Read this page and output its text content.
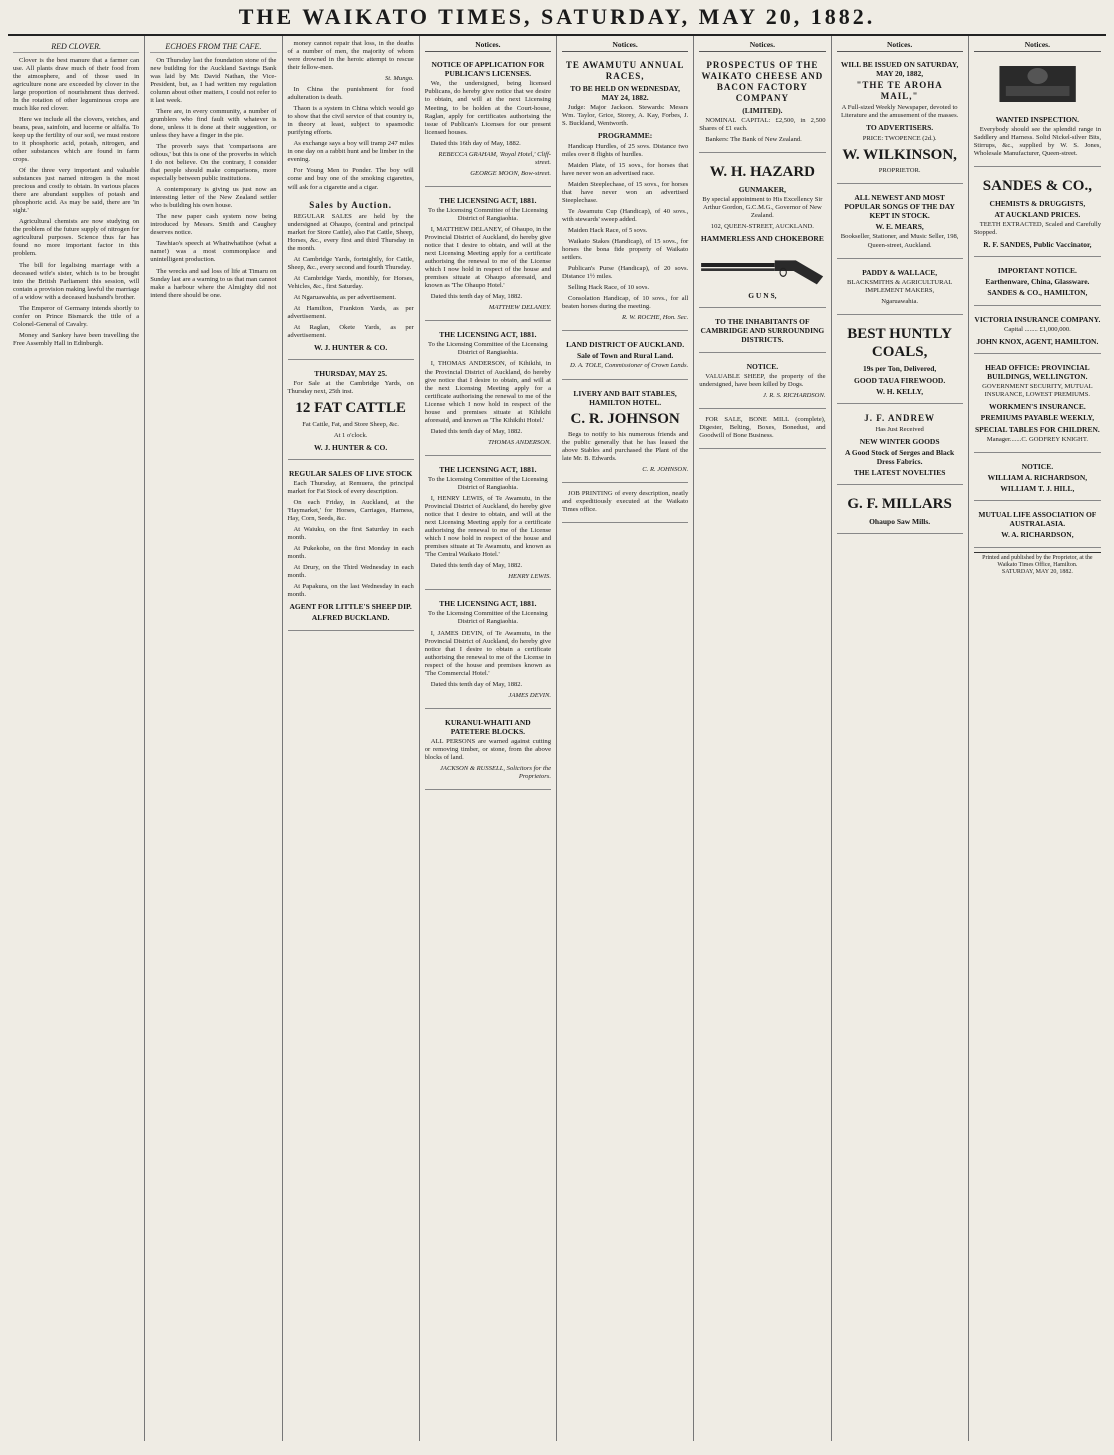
THE WAIKATO TIMES, SATURDAY, MAY 20, 1882.
RED CLOVER.

Clover is the best manure that a farmer can use. All plants draw much of their food from the atmosphere, and of those used in agriculture none are exceeded by clover in the large proportion of nourishment thus derived. In the rotation of other leguminous crops are much like red clover.

Here we include all the clovers, vetches, and beans, peas, sainfoin, and lucerne or alfalfa. To keep up the fertility of our soil, we must restore to it phosphoric acid, potash, nitrogen, and other substances which are found in farm crops.

Of the three very important and valuable substances just named nitrogen is the most precious and costly to obtain. In various places there are abundant supplies of potash and phosphoric acid. As may be said, there are 'in sight.'

Agricultural chemists are now studying on the problem of the future supply of nitrogen for agricultural purposes. Science thus far has found no more important factor in this problem.

The bill for legalising marriage with a deceased wife's sister, which is to be brought into the British Parliament this session, will contain a provision making lawful the marriage of a widow with a deceased husband's brother.

The Emperor of Germany intends shortly to confer on Prince Bismarck the title of a Colonel-General of Cavalry.

Money and Sankey have been travelling the Free Assembly Hall in Edinburgh.

ECHOES FROM THE CAFE.

On Thursday last the foundation stone of the new building for the Auckland Savings Bank was laid by Mr. David Nathan, the Vice-President, but, as I had written my regulation column about other matters, I could not refer to it last week.

There are, in every community, a number of grumblers who find fault with whatever is done, unless it is done at their suggestion, or unless they have a finger in the pie.

The proverb says that 'comparisons are odious,' but this is one of the proverbs in which I do not believe. On the contrary, I consider that people should make comparisons, more especially between public institutions.

A contemporary is giving us just now an interesting letter of the New Zealand settler who is building his own house.

The new paper cash system now being introduced by Messrs. Smith and Caughey deserves notice.

Tawhiao's speech at Whatiwhatihoe (what a name!) was a most commonplace and unintelligent production.

The wrecks and sad loss of life at Timaru on Sunday last are a warning to us that man cannot make a harbour where the Almighty did not intend there should be one.

money cannot repair that loss, in the deaths of a number of men, the majority of whom were drowned in the heroic attempt to rescue their fellow-men.

St. Mungo.

In China the punishment for food adulteration is death.

Thaon is a system in China which would go to show that the civil service of that country is, in theory at least, subject to spasmodic purifying efforts.

As exchange says a boy will tramp 247 miles in one day on a rabbit hunt and be limber in the evening.

For Young Men to Ponder. The boy will come and buy one of the smoking cigarettes, will ask for a cigarette and a cigar.

Sales by Auction.

REGULAR SALES are held by the undersigned at Ohaupo, (central and principal market for Store Cattle), also Fat Cattle, Sheep, Horses, &c., every first and third Thursday in the month.

At Cambridge Yards, fortnightly, for Cattle, Sheep, &c., every second and fourth Thursday.

At Cambridge Yards, monthly, for Horses, Vehicles, &c., first Saturday.

At Ngaruawahia, as per advertisement.

At Hamilton, Frankton Yards, as per advertisement.

At Raglan, Okete Yards, as per advertisement.

W. J. HUNTER & CO.
THURSDAY, MAY 25.

For Sale at the Cambridge Yards, on Thursday next, 25th inst.

12 FAT CATTLE

Fat Cattle, Fat, and Store Sheep, &c.

At 1 o'clock.

W. J. HUNTER & CO.
REGULAR SALES OF LIVE STOCK

Each Thursday, at Remuera, the principal market for Fat Stock of every description.

On each Friday, in Auckland, at the 'Haymarket,' for Horses, Carriages, Harness, Hay, Corn, Seeds, &c.

At Waiuku, on the first Saturday in each month.

At Pukekohe, on the first Monday in each month.

At Drury, on the Third Wednesday in each month.

At Papakura, on the last Wednesday in each month.

AGENT FOR LITTLE'S SHEEP DIP.
ALFRED BUCKLAND.
Notices.
NOTICE OF APPLICATION FOR PUBLICAN'S LICENSES.

We, the undersigned, being licensed Publicans, do hereby give notice that we desire to obtain, and will at the next Licensing Meeting, to be holden at the Court-house, Raglan, apply for certificates authorising the issue of Publican's Licenses for our present licensed houses.

Dated this 16th day of May, 1882.

REBECCA GRAHAM, 'Royal Hotel,' Cliff-street.

GEORGE MOON, Bow-street.

THE LICENSING ACT, 1881.

To the Licensing Committee of the Licensing District of Rangiaohia.

I, MATTHEW DELANEY, of Ohaupo, in the Provincial District of Auckland, do hereby give notice that I desire to obtain, and will at the next Licensing Meeting apply for a certificate authorising the renewal to me of the License which I now hold in respect of the house and premises situate at Ohaupo aforesaid, and known as 'The Ohaupo Hotel.'

Dated this tenth day of May, 1882.

MATTHEW DELANEY.

THE LICENSING ACT, 1881.

To the Licensing Committee of the Licensing District of Rangiaohia.

I, THOMAS ANDERSON, of Kihikihi, in the Provincial District of Auckland, do hereby give notice that I desire to obtain, and will at the next Licensing Meeting apply for a certificate authorising the renewal to me of the License which I now hold in respect of the house and premises situate at Kihikihi aforesaid, and known as 'The Kihikihi Hotel.'

Dated this tenth day of May, 1882.

THOMAS ANDERSON.

THE LICENSING ACT, 1881.

To the Licensing Committee of the Licensing District of Rangiaohia.

I, HENRY LEWIS, of Te Awamutu, in the Provincial District of Auckland, do hereby give notice that I desire to obtain, and will at the next Licensing Meeting apply for a certificate authorising the renewal to me of the License which I now hold in respect of the house and premises situate at Te Awamutu, and known as 'The Central Waikato Hotel.'

Dated this tenth day of May, 1882.

HENRY LEWIS.

THE LICENSING ACT, 1881.

To the Licensing Committee of the Licensing District of Rangiaohia.

I, JAMES DEVIN, of Te Awamutu, in the Provincial District of Auckland, do hereby give notice that I desire to obtain a certificate authorising the renewal to me of the License in respect of the house and premises known as 'The Commercial Hotel.'

Dated this tenth day of May, 1882.

JAMES DEVIN.

KURANUI-WHAITI AND PATETERE BLOCKS.

ALL PERSONS are warned against cutting or removing timber, or stone, from the above blocks of land.

JACKSON & RUSSELL, Solicitors for the Proprietors.

Notices.
TE AWAMUTU ANNUAL RACES,
TO BE HELD ON WEDNESDAY, MAY 24, 1882.

Judge: Major Jackson. Stewards: Messrs Wm. Taylor, Grice, Storey, A. Kay, Forbes, J. S. Buckland, Wentworth.

PROGRAMME:

Handicap Hurdles, of 25 sovs. Distance two miles over 8 flights of hurdles.

Maiden Plate, of 15 sovs., for horses that have never won an advertised race.

Maiden Steeplechase, of 15 sovs., for horses that have never won an advertised Steeplechase.

Te Awamutu Cup (Handicap), of 40 sovs., with stewards' sweep added.

Maiden Hack Race, of 5 sovs.

Waikato Stakes (Handicap), of 15 sovs., for horses the bona fide property of Waikato settlers.

Publican's Purse (Handicap), of 20 sovs. Distance 1½ miles.

Selling Hack Race, of 10 sovs.

Consolation Handicap, of 10 sovs., for all beaten horses during the meeting.

R. W. ROCHE, Hon. Sec.

LAND DISTRICT OF AUCKLAND.
Sale of Town and Rural Land.

D. A. TOLE, Commissioner of Crown Lands.

LIVERY AND BAIT STABLES, HAMILTON HOTEL.
C. R. JOHNSON

Begs to notify to his numerous friends and the public generally that he has leased the above Stables and purchased the Plant of the late Mr. B. Edwards.

C. R. JOHNSON.

JOB PRINTING of every description, neatly and expeditiously executed at the Waikato Times office.

Notices.
PROSPECTUS OF THE WAIKATO CHEESE AND BACON FACTORY COMPANY
(LIMITED).

NOMINAL CAPITAL: £2,500, in 2,500 Shares of £1 each.

Bankers: The Bank of New Zealand.

W. H. HAZARD
GUNMAKER,

By special appointment to His Excellency Sir Arthur Gordon, G.C.M.G., Governor of New Zealand.

102, QUEEN-STREET, AUCKLAND.

HAMMERLESS AND CHOKEBORE
G U N S,
TO THE INHABITANTS OF CAMBRIDGE AND SURROUNDING DISTRICTS.
NOTICE.

VALUABLE SHEEP, the property of the undersigned, have been killed by Dogs.

J. R. S. RICHARDSON.

FOR SALE, BONE MILL (complete), Digester, Belting, Boxes, Bonedust, and Goodwill of Bone Business.

Notices.
WILL BE ISSUED ON SATURDAY, MAY 20, 1882,
"THE TE AROHA MAIL,"

A Full-sized Weekly Newspaper, devoted to Literature and the amusement of the masses.

TO ADVERTISERS.

PRICE: TWOPENCE (2d.).

W. WILKINSON,

PROPRIETOR.

ALL NEWEST AND MOST POPULAR SONGS OF THE DAY KEPT IN STOCK.
W. E. MEARS,

Bookseller, Stationer, and Music Seller, 198, Queen-street, Auckland.

PADDY & WALLACE,

BLACKSMITHS & AGRICULTURAL IMPLEMENT MAKERS,

Ngaruawahia.

BEST HUNTLY COALS,
19s per Ton, Delivered,
GOOD TAUA FIREWOOD.
W. H. KELLY,
J. F. ANDREW

Has Just Received

NEW WINTER GOODS
A Good Stock of Serges and Black Dress Fabrics.
THE LATEST NOVELTIES
G. F. MILLARS
Ohaupo Saw Mills.
Notices.
WANTED INSPECTION.

Everybody should see the splendid range in Saddlery and Harness. Solid Nickel-silver Bits, Stirrups, &c., supplied by W. S. Jones, Wholesale Manufacturer, Queen-street.

SANDES & CO.,
CHEMISTS & DRUGGISTS,
AT AUCKLAND PRICES.

TEETH EXTRACTED, Scaled and Carefully Stopped.

R. F. SANDES, Public Vaccinator,
IMPORTANT NOTICE.
Earthenware, China, Glassware.
SANDES & CO., HAMILTON,
VICTORIA INSURANCE COMPANY.

Capital ........ £1,000,000.

JOHN KNOX, AGENT, HAMILTON.
HEAD OFFICE: PROVINCIAL BUILDINGS, WELLINGTON.

GOVERNMENT SECURITY, MUTUAL INSURANCE, LOWEST PREMIUMS.

WORKMEN'S INSURANCE.
PREMIUMS PAYABLE WEEKLY,
SPECIAL TABLES FOR CHILDREN.

Manager.......C. GODFREY KNIGHT.

NOTICE.
WILLIAM A. RICHARDSON,
WILLIAM T. J. HILL,
MUTUAL LIFE ASSOCIATION OF AUSTRALASIA.
W. A. RICHARDSON,
Printed and published by the Proprietor, at the Waikato Times Office, Hamilton.
SATURDAY, MAY 20, 1882.
